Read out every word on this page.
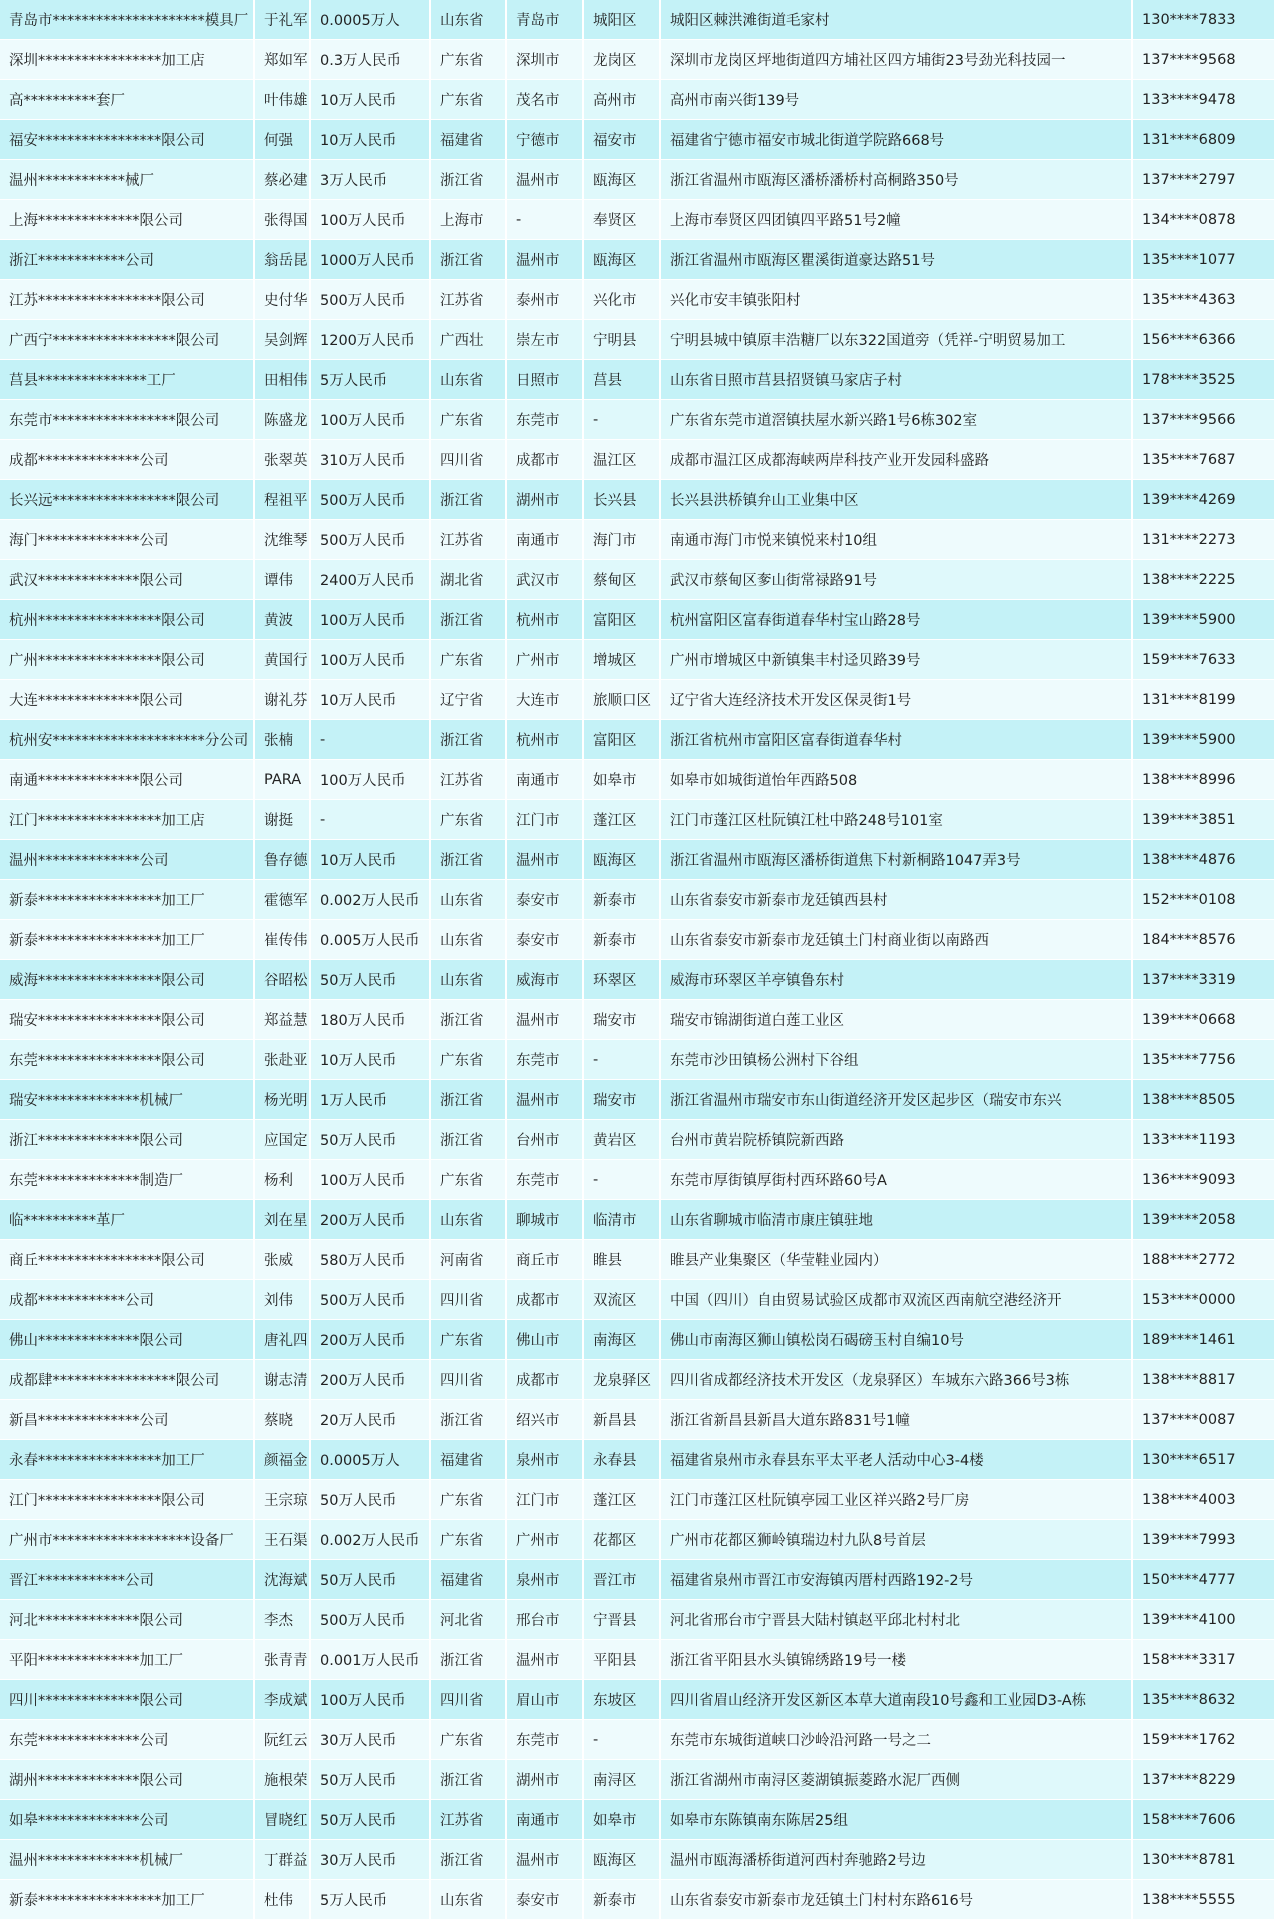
青岛市*********************模具厂	于礼军	0.0005万人	山东省	青岛市	城阳区	城阳区棘洪滩街道毛家村	130****7833
深圳*****************加工店	郑如军	0.3万人民币	广东省	深圳市	龙岗区	深圳市龙岗区坪地街道四方埔社区四方埔街23号劲光科技园一	137****9568
高**********套厂	叶伟雄	10万人民币	广东省	茂名市	高州市	高州市南兴街139号	133****9478
福安*****************限公司	何强	10万人民币	福建省	宁德市	福安市	福建省宁德市福安市城北街道学院路668号	131****6809
温州************械厂	蔡必建	3万人民币	浙江省	温州市	瓯海区	浙江省温州市瓯海区潘桥潘桥村高桐路350号	137****2797
上海**************限公司	张得国	100万人民币	上海市	-	奉贤区	上海市奉贤区四团镇四平路51号2幢	134****0878
浙江************公司	翁岳昆	1000万人民币	浙江省	温州市	瓯海区	浙江省温州市瓯海区瞿溪街道豪达路51号	135****1077
江苏*****************限公司	史付华	500万人民币	江苏省	泰州市	兴化市	兴化市安丰镇张阳村	135****4363
广西宁*****************限公司	吴剑辉	1200万人民币	广西壮	崇左市	宁明县	宁明县城中镇原丰浩糖厂以东322国道旁（凭祥-宁明贸易加工	156****6366
莒县***************工厂	田相伟	5万人民币	山东省	日照市	莒县	山东省日照市莒县招贤镇马家店子村	178****3525
东莞市*****************限公司	陈盛龙	100万人民币	广东省	东莞市	-	广东省东莞市道滘镇扶屋水新兴路1号6栋302室	137****9566
成都**************公司	张翠英	310万人民币	四川省	成都市	温江区	成都市温江区成都海峡两岸科技产业开发园科盛路	135****7687
长兴远*****************限公司	程祖平	500万人民币	浙江省	湖州市	长兴县	长兴县洪桥镇弁山工业集中区	139****4269
海门**************公司	沈维琴	500万人民币	江苏省	南通市	海门市	南通市海门市悦来镇悦来村10组	131****2273
武汉**************限公司	谭伟	2400万人民币	湖北省	武汉市	蔡甸区	武汉市蔡甸区奓山街常禄路91号	138****2225
杭州*****************限公司	黄波	100万人民币	浙江省	杭州市	富阳区	杭州富阳区富春街道春华村宝山路28号	139****5900
广州*****************限公司	黄国行	100万人民币	广东省	广州市	增城区	广州市增城区中新镇集丰村迳贝路39号	159****7633
大连**************限公司	谢礼芬	10万人民币	辽宁省	大连市	旅顺口区	辽宁省大连经济技术开发区保灵街1号	131****8199
杭州安*********************分公司	张楠	-	浙江省	杭州市	富阳区	浙江省杭州市富阳区富春街道春华村	139****5900
南通**************限公司	PARA	100万人民币	江苏省	南通市	如皋市	如皋市如城街道怡年西路508	138****8996
江门*****************加工店	谢挺	-	广东省	江门市	蓬江区	江门市蓬江区杜阮镇江杜中路248号101室	139****3851
温州**************公司	鲁存德	10万人民币	浙江省	温州市	瓯海区	浙江省温州市瓯海区潘桥街道焦下村新桐路1047弄3号	138****4876
新泰*****************加工厂	霍德军	0.002万人民币	山东省	泰安市	新泰市	山东省泰安市新泰市龙廷镇西县村	152****0108
新泰*****************加工厂	崔传伟	0.005万人民币	山东省	泰安市	新泰市	山东省泰安市新泰市龙廷镇土门村商业街以南路西	184****8576
威海*****************限公司	谷昭松	50万人民币	山东省	威海市	环翠区	威海市环翠区羊亭镇鲁东村	137****3319
瑞安*****************限公司	郑益慧	180万人民币	浙江省	温州市	瑞安市	瑞安市锦湖街道白莲工业区	139****0668
东莞*****************限公司	张赴亚	10万人民币	广东省	东莞市	-	东莞市沙田镇杨公洲村下谷组	135****7756
瑞安**************机械厂	杨光明	1万人民币	浙江省	温州市	瑞安市	浙江省温州市瑞安市东山街道经济开发区起步区（瑞安市东兴	138****8505
浙江**************限公司	应国定	50万人民币	浙江省	台州市	黄岩区	台州市黄岩院桥镇院新西路	133****1193
东莞**************制造厂	杨利	100万人民币	广东省	东莞市	-	东莞市厚街镇厚街村西环路60号A	136****9093
临**********革厂	刘在星	200万人民币	山东省	聊城市	临清市	山东省聊城市临清市康庄镇驻地	139****2058
商丘*****************限公司	张威	580万人民币	河南省	商丘市	睢县	睢县产业集聚区（华莹鞋业园内）	188****2772
成都************公司	刘伟	500万人民币	四川省	成都市	双流区	中国（四川）自由贸易试验区成都市双流区西南航空港经济开	153****0000
佛山**************限公司	唐礼四	200万人民币	广东省	佛山市	南海区	佛山市南海区狮山镇松岗石碣磅玉村自编10号	189****1461
成都肆*****************限公司	谢志清	200万人民币	四川省	成都市	龙泉驿区	四川省成都经济技术开发区（龙泉驿区）车城东六路366号3栋	138****8817
新昌**************公司	蔡晓	20万人民币	浙江省	绍兴市	新昌县	浙江省新昌县新昌大道东路831号1幢	137****0087
永春*****************加工厂	颜福金	0.0005万人	福建省	泉州市	永春县	福建省泉州市永春县东平太平老人活动中心3-4楼	130****6517
江门*****************限公司	王宗琼	50万人民币	广东省	江门市	蓬江区	江门市蓬江区杜阮镇亭园工业区祥兴路2号厂房	138****4003
广州市*******************设备厂	王石渠	0.002万人民币	广东省	广州市	花都区	广州市花都区狮岭镇瑞边村九队8号首层	139****7993
晋江************公司	沈海斌	50万人民币	福建省	泉州市	晋江市	福建省泉州市晋江市安海镇丙厝村西路192-2号	150****4777
河北**************限公司	李杰	500万人民币	河北省	邢台市	宁晋县	河北省邢台市宁晋县大陆村镇赵平邱北村村北	139****4100
平阳**************加工厂	张青青	0.001万人民币	浙江省	温州市	平阳县	浙江省平阳县水头镇锦绣路19号一楼	158****3317
四川**************限公司	李成斌	100万人民币	四川省	眉山市	东坡区	四川省眉山经济开发区新区本草大道南段10号鑫和工业园D3-A栋	135****8632
东莞**************公司	阮红云	30万人民币	广东省	东莞市	-	东莞市东城街道峡口沙岭沿河路一号之二	159****1762
湖州**************限公司	施根荣	50万人民币	浙江省	湖州市	南浔区	浙江省湖州市南浔区菱湖镇振菱路水泥厂西侧	137****8229
如皋**************公司	冒晓红	50万人民币	江苏省	南通市	如皋市	如皋市东陈镇南东陈居25组	158****7606
温州**************机械厂	丁群益	30万人民币	浙江省	温州市	瓯海区	温州市瓯海潘桥街道河西村奔驰路2号边	130****8781
新泰*****************加工厂	杜伟	5万人民币	山东省	泰安市	新泰市	山东省泰安市新泰市龙廷镇土门村村东路616号	138****5555
